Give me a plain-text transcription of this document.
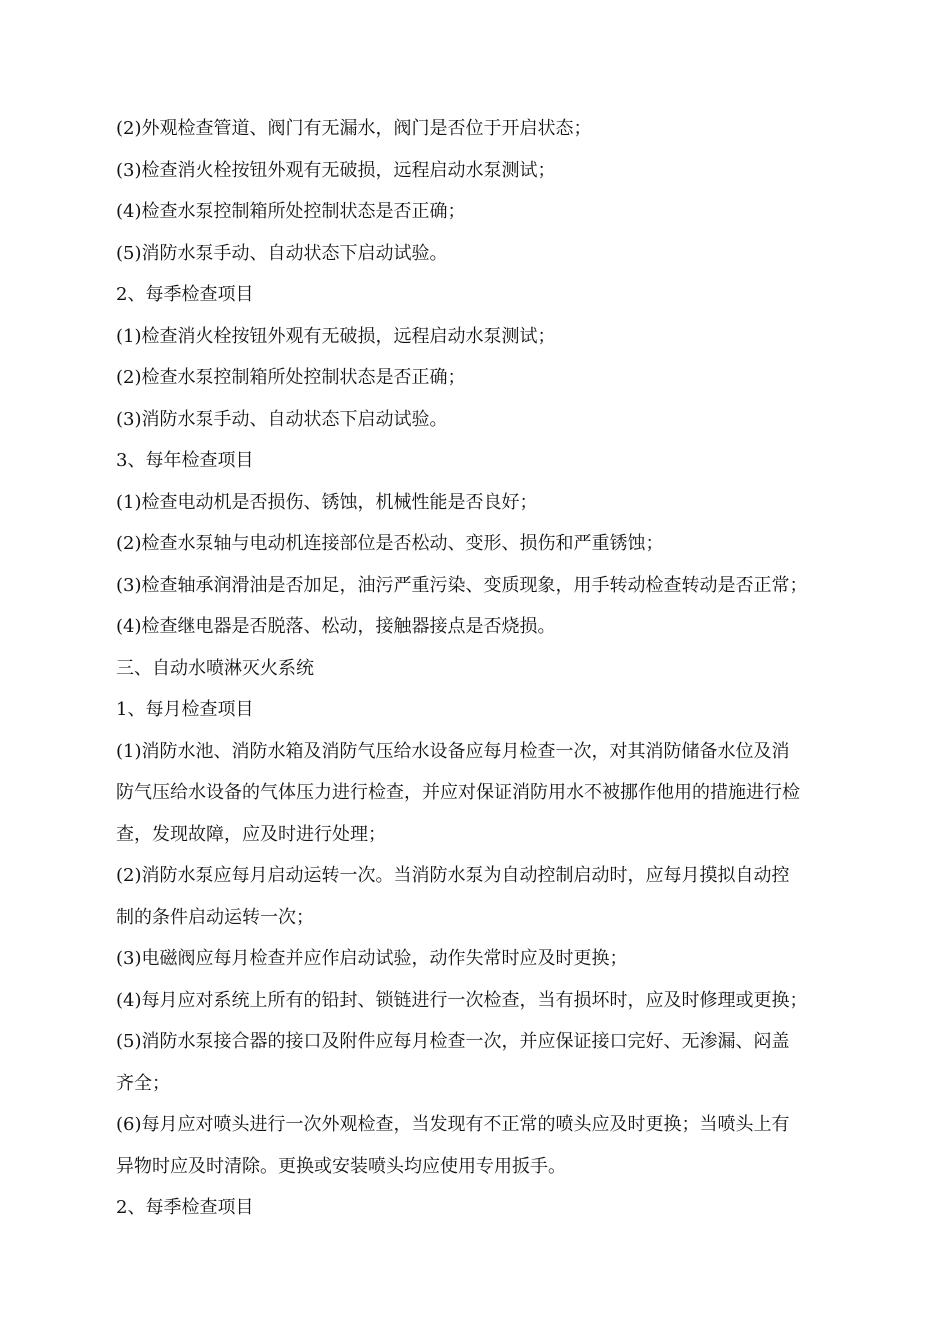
(2)外观检查管道、阀门有无漏水，阀门是否位于开启状态；
(3)检查消火栓按钮外观有无破损，远程启动水泵测试；
(4)检查水泵控制箱所处控制状态是否正确；
(5)消防水泵手动、自动状态下启动试验。
2、每季检查项目
(1)检查消火栓按钮外观有无破损，远程启动水泵测试；
(2)检查水泵控制箱所处控制状态是否正确；
(3)消防水泵手动、自动状态下启动试验。
3、每年检查项目
(1)检查电动机是否损伤、锈蚀，机械性能是否良好；
(2)检查水泵轴与电动机连接部位是否松动、变形、损伤和严重锈蚀；
(3)检查轴承润滑油是否加足，油污严重污染、变质现象，用手转动检查转动是否正常；
(4)检查继电器是否脱落、松动，接触器接点是否烧损。
三、自动水喷淋灭火系统
1、每月检查项目
(1)消防水池、消防水箱及消防气压给水设备应每月检查一次，对其消防储备水位及消
防气压给水设备的气体压力进行检查，并应对保证消防用水不被挪作他用的措施进行检
查，发现故障，应及时进行处理；
(2)消防水泵应每月启动运转一次。当消防水泵为自动控制启动时，应每月摸拟自动控
制的条件启动运转一次；
(3)电磁阀应每月检查并应作启动试验，动作失常时应及时更换；
(4)每月应对系统上所有的铅封、锁链进行一次检查，当有损坏时，应及时修理或更换；
(5)消防水泵接合器的接口及附件应每月检查一次，并应保证接口完好、无渗漏、闷盖
齐全；
(6)每月应对喷头进行一次外观检查，当发现有不正常的喷头应及时更换；当喷头上有
异物时应及时清除。更换或安装喷头均应使用专用扳手。
2、每季检查项目
